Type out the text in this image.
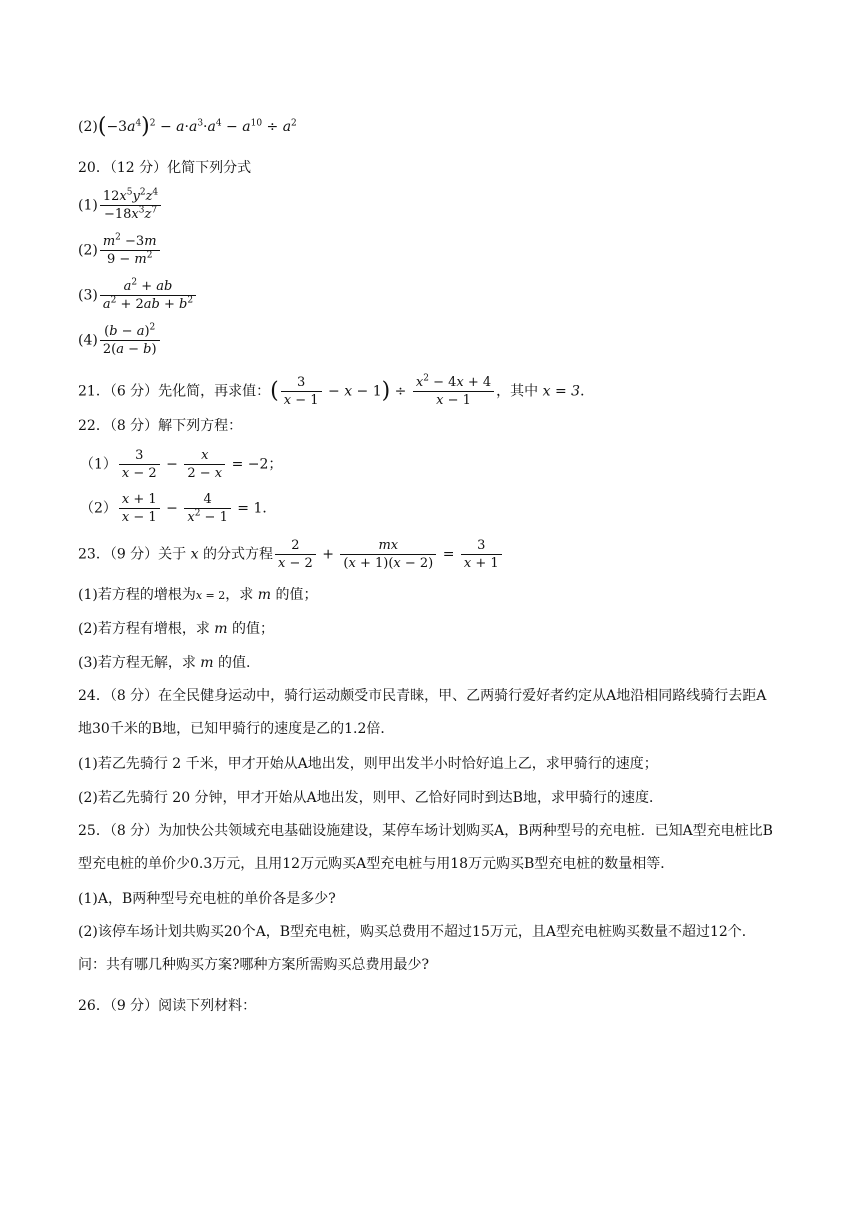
$(2)(-3a^4)^2 - a\cdot a^3\cdot a^4 - a^{10} \div a^2$
20．（12 分）化简下列分式
$(1) \frac{12x^5y^2z^4}{-18x^3z^7}$
$(2) \frac{m^2 -3m}{9 - m^2}$
$(3) \frac{a^2 + ab}{a^2 + 2ab + b^2}$
$(4) \frac{(b - a)^2}{2(a - b)}$
21．（6 分）先化简，再求值：( $\frac{3}{x - 1} - x - 1) \div \frac{x^2 - 4x + 4}{x - 1}$ ，其中 x = 3．
22．（8 分）解下列方程：
$(1) \frac{3}{x - 2} - \frac{x}{2 - x} = -2$；
$(2) \frac{x + 1}{x - 1} - \frac{4}{x^2 - 1} = 1$．
23．（9 分）关于 x 的分式方程 $\frac{2}{x - 2} + \frac{mx}{(x + 1)(x - 2)} = \frac{3}{x + 1}$
(1)若方程的增根为x = 2，求 m 的值；
(2)若方程有增根，求 m 的值；
(3)若方程无解，求 m 的值.
24．（8 分）在全民健身运动中，骑行运动颇受市民青睐，甲、乙两骑行爱好者约定从A地沿相同路线骑行去距A地30千米的B地，已知甲骑行的速度是乙的1.2倍．
(1)若乙先骑行 2 千米，甲才开始从A地出发，则甲出发半小时恰好追上乙，求甲骑行的速度；
(2)若乙先骑行 20 分钟，甲才开始从A地出发，则甲、乙恰好同时到达B地，求甲骑行的速度．
25．（8 分）为加快公共领域充电基础设施建设，某停车场计划购买A，B两种型号的充电桩．已知A型充电桩比B型充电桩的单价少0.3万元，且用12万元购买A型充电桩与用18万元购买B型充电桩的数量相等．
(1)A，B两种型号充电桩的单价各是多少?
(2)该停车场计划共购买20个A，B型充电桩，购买总费用不超过15万元，且A型充电桩购买数量不超过12个．问：共有哪几种购买方案?哪种方案所需购买总费用最少?
26．（9 分）阅读下列材料：
